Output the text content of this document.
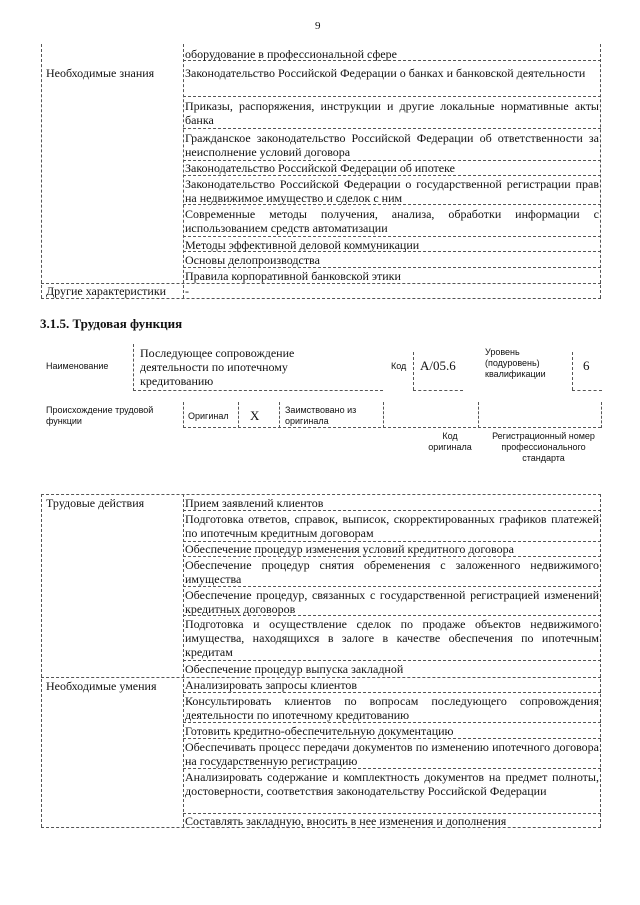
9
оборудование в профессиональной сфере
Необходимые знания	Законодательство Российской Федерации о банках и банковской деятельности
Приказы, распоряжения, инструкции и другие локальные нормативные акты банка
Гражданское законодательство Российской Федерации об ответственности за неисполнение условий договора
Законодательство Российской Федерации об ипотеке
Законодательство Российской Федерации о государственной регистрации прав на недвижимое имущество и сделок с ним
Современные методы получения, анализа, обработки информации с использованием средств автоматизации
Методы эффективной деловой коммуникации
Основы делопроизводства
Правила корпоративной банковской этики
Другие характеристики -
3.1.5. Трудовая функция
Наименование
Последующее сопровождение деятельности по ипотечному кредитованию
Код A/05.6
Уровень (подуровень) квалификации
6
Происхождение трудовой функции	Оригинал X	Заимствовано из оригинала
Код оригинала
Регистрационный номер профессионального стандарта
Трудовые действия	Прием заявлений клиентов
Подготовка ответов, справок, выписок, скорректированных графиков платежей по ипотечным кредитным договорам
Обеспечение процедур изменения условий кредитного договора
Обеспечение процедур снятия обременения с заложенного недвижимого имущества
Обеспечение процедур, связанных с государственной регистрацией изменений кредитных договоров
Подготовка и осуществление сделок по продаже объектов недвижимого имущества, находящихся в залоге в качестве обеспечения по ипотечным кредитам
Обеспечение процедур выпуска закладной
Необходимые умения Анализировать запросы клиентов
Консультировать клиентов по вопросам последующего сопровождения деятельности по ипотечному кредитованию
Готовить кредитно-обеспечительную документацию
Обеспечивать процесс передачи документов по изменению ипотечного договора на государственную регистрацию
Анализировать содержание и комплектность документов на предмет полноты, достоверности, соответствия законодательству Российской Федерации
Составлять закладную, вносить в нее изменения и дополнения
